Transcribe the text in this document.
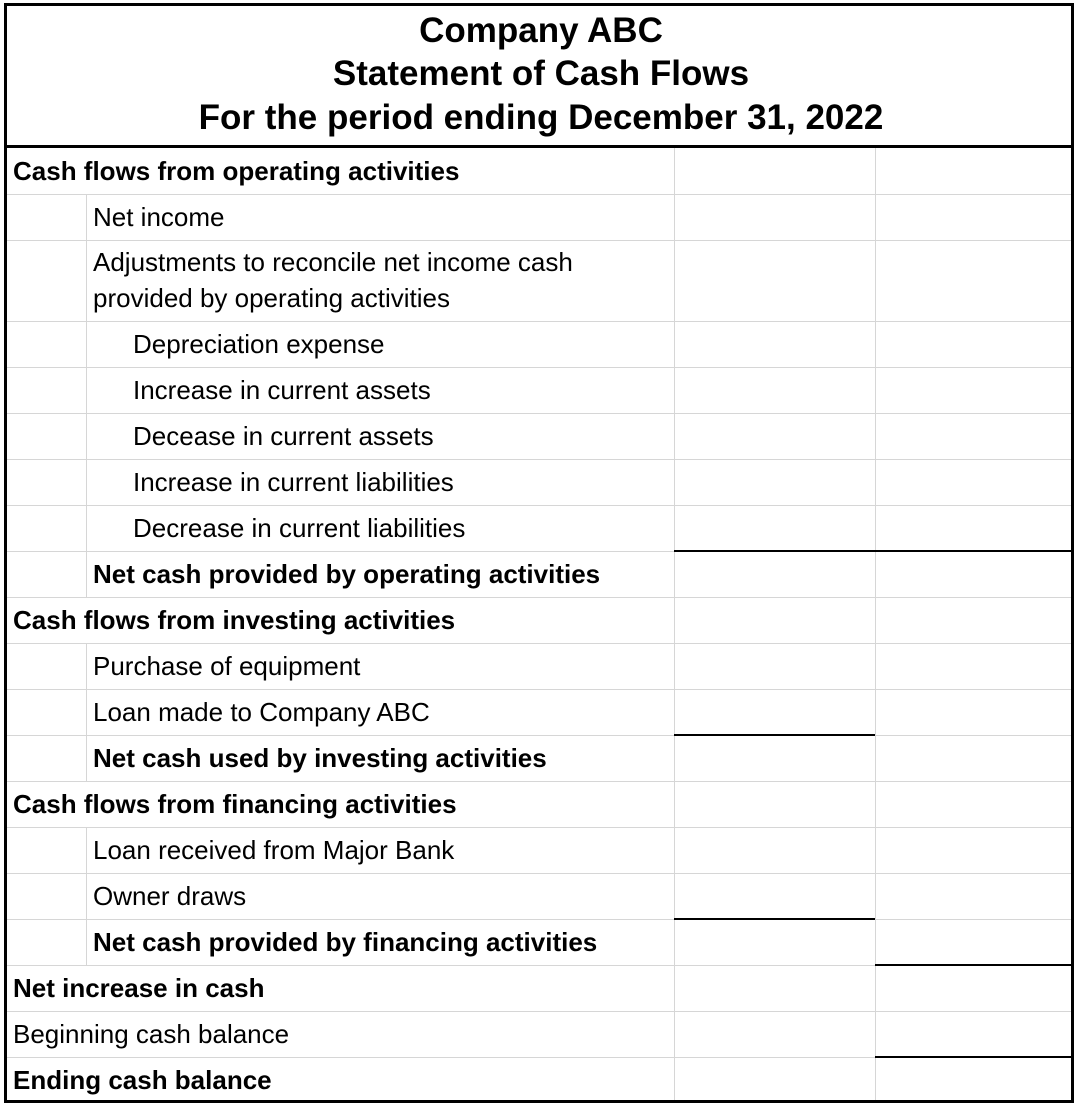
Company ABC
Statement of Cash Flows
For the period ending December 31, 2022
Cash flows from operating activities
Net income
Adjustments to reconcile net income cash provided by operating activities
Depreciation expense
Increase in current assets
Decease in current assets
Increase in current liabilities
Decrease in current liabilities
Net cash provided by operating activities
Cash flows from investing activities
Purchase of equipment
Loan made to Company ABC
Net cash used by investing activities
Cash flows from financing activities
Loan received from Major Bank
Owner draws
Net cash provided by financing activities
Net increase in cash
Beginning cash balance
Ending cash balance
